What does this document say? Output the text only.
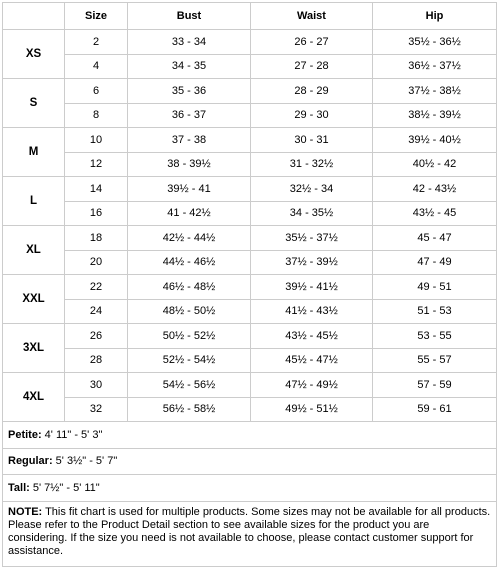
	Size	Bust	Waist	Hip
XS	2	33 - 34	26 - 27	35½ - 36½
	4	34 - 35	27 - 28	36½ - 37½
S	6	35 - 36	28 - 29	37½ - 38½
	8	36 - 37	29 - 30	38½ - 39½
M	10	37 - 38	30 - 31	39½ - 40½
	12	38 - 39½	31 - 32½	40½ - 42
L	14	39½ - 41	32½ - 34	42 - 43½
	16	41 - 42½	34 - 35½	43½ - 45
XL	18	42½ - 44½	35½ - 37½	45 - 47
	20	44½ - 46½	37½ - 39½	47 - 49
XXL	22	46½ - 48½	39½ - 41½	49 - 51
	24	48½ - 50½	41½ - 43½	51 - 53
3XL	26	50½ - 52½	43½ - 45½	53 - 55
	28	52½ - 54½	45½ - 47½	55 - 57
4XL	30	54½ - 56½	47½ - 49½	57 - 59
	32	56½ - 58½	49½ - 51½	59 - 61
Petite: 4' 11" - 5' 3"				
Regular: 5' 3½" - 5' 7"				
Tall: 5' 7½" - 5' 11"				
NOTE: This fit chart is used for multiple products. Some sizes may not be available for all products. Please refer to the Product Detail section to see available sizes for the product you are considering. If the size you need is not available to choose, please contact customer support for assistance.				
